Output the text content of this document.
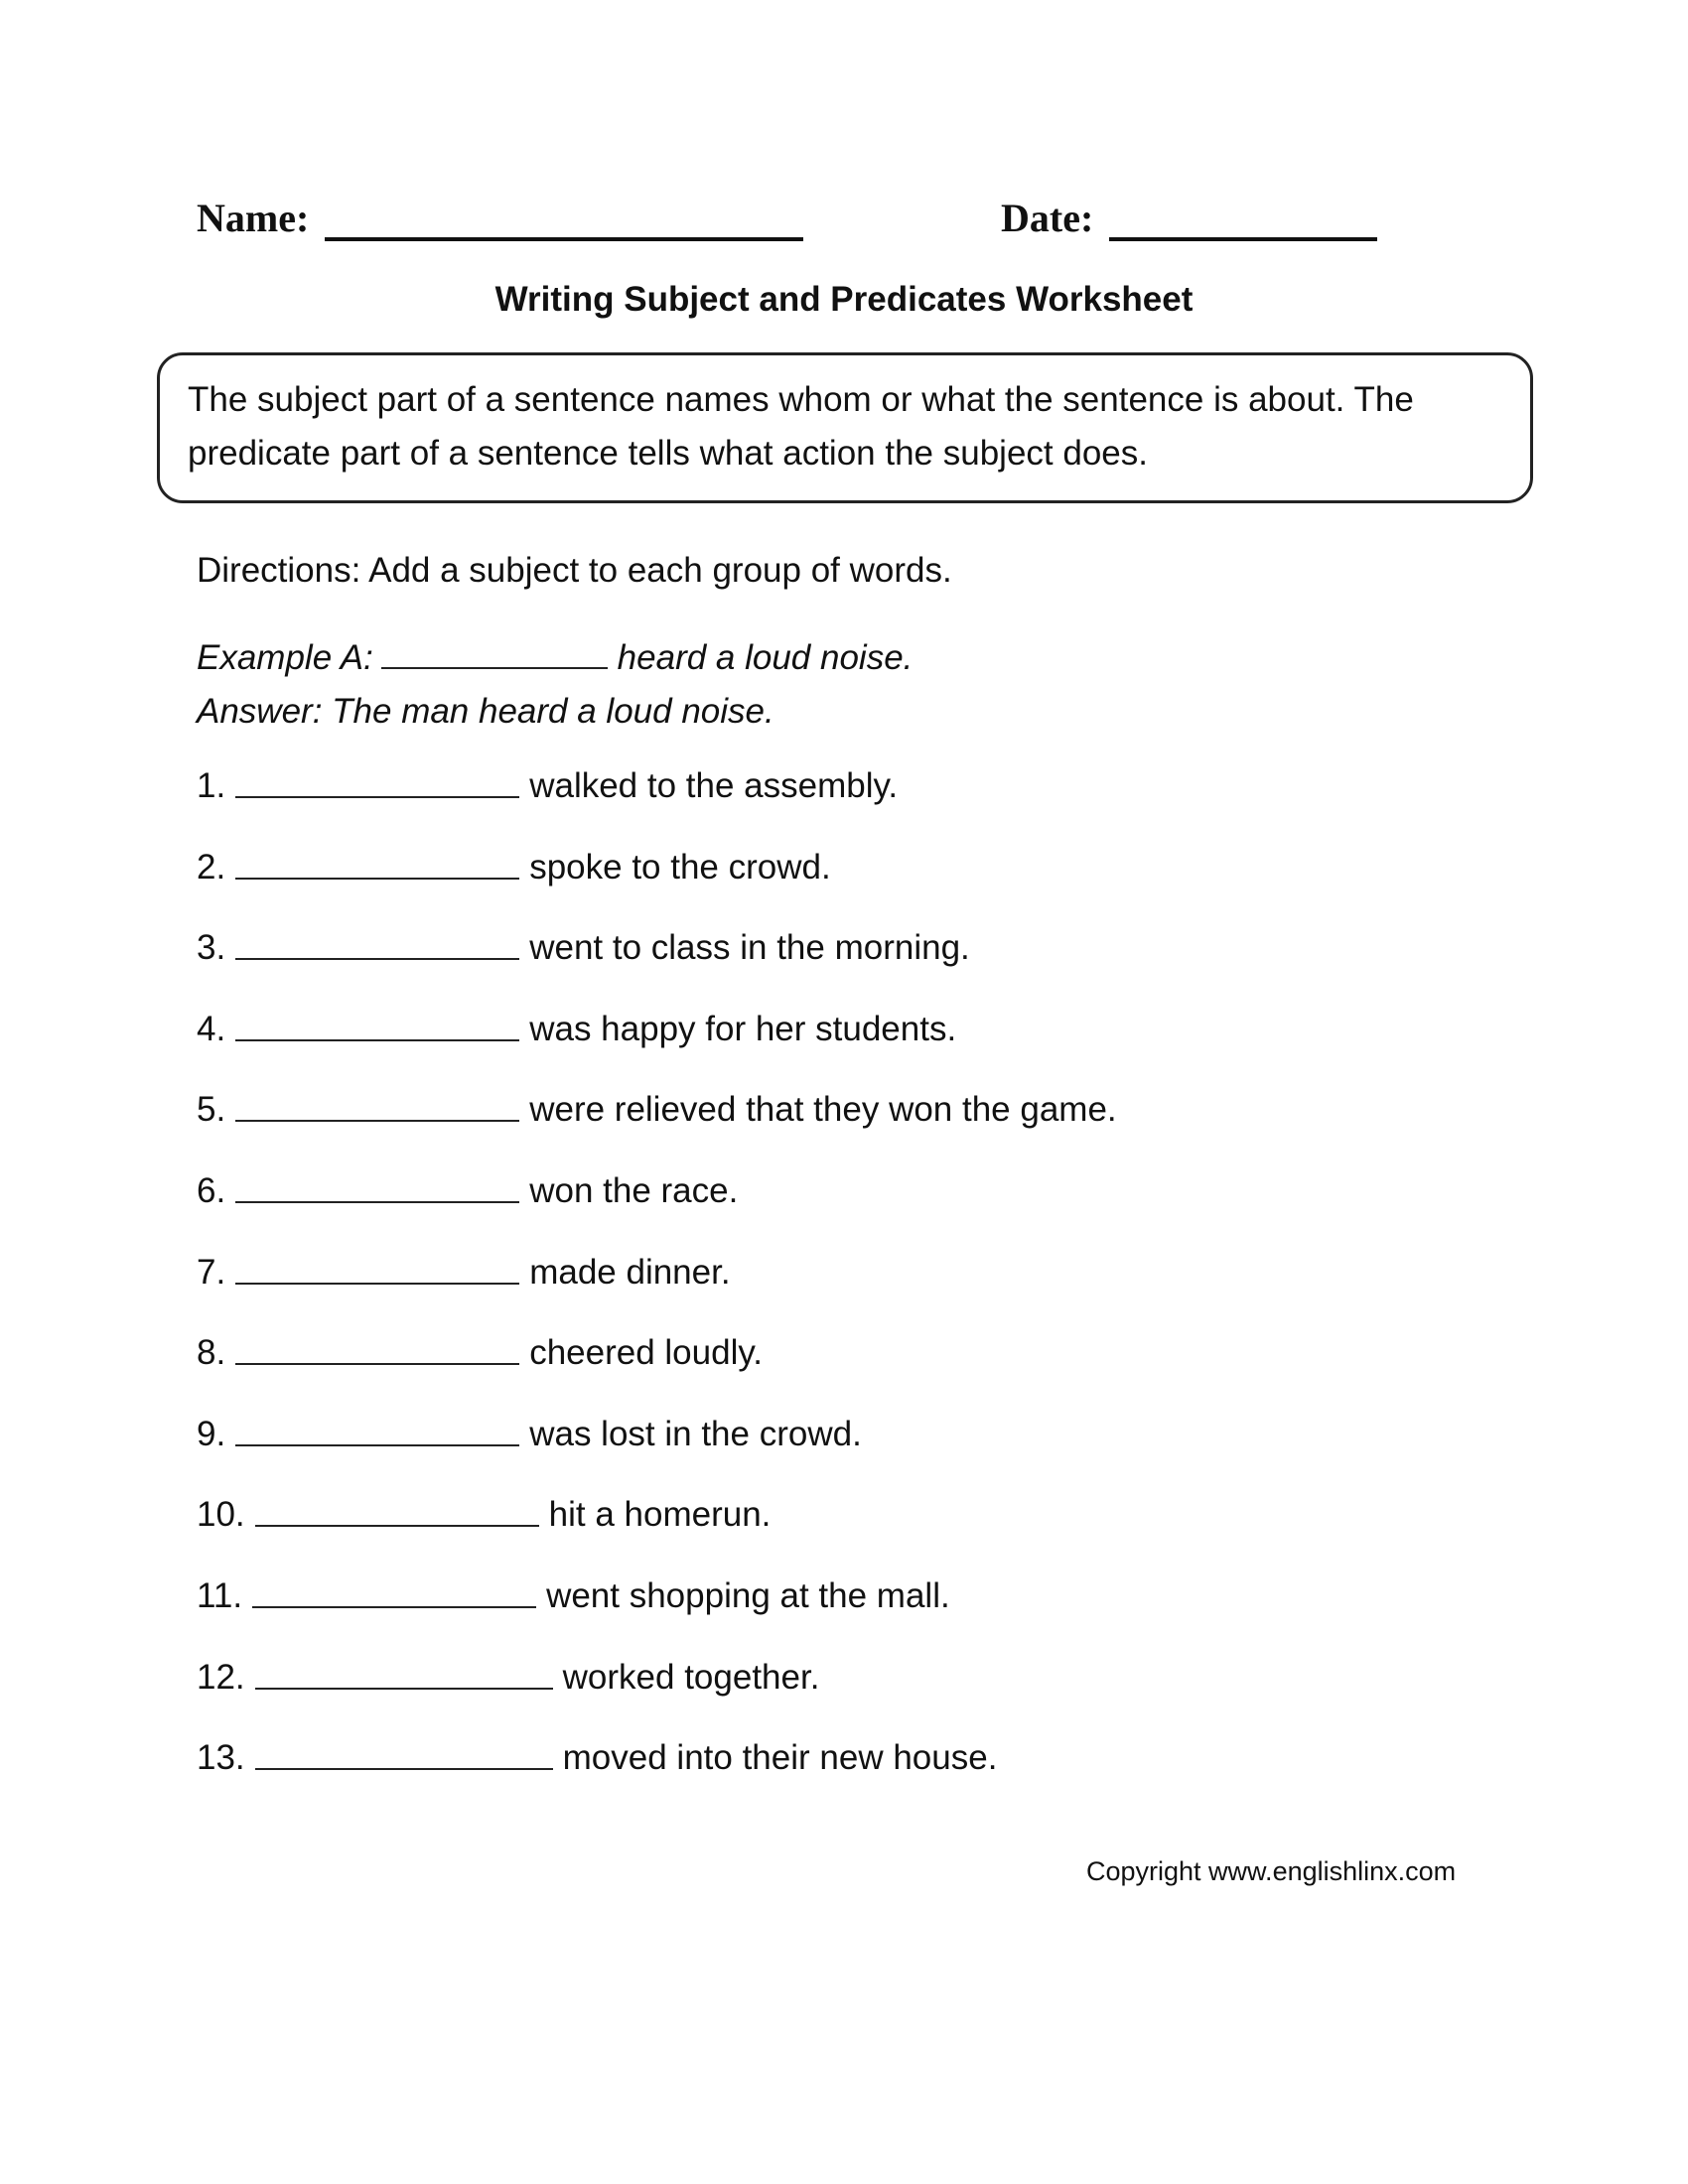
Name:	Date:
Writing Subject and Predicates Worksheet
The subject part of a sentence names whom or what the sentence is about. The predicate part of a sentence tells what action the subject does.
Directions: Add a subject to each group of words.
Example A:	heard a loud noise.
Answer: The man heard a loud noise.
1.	walked to the assembly.
2.	spoke to the crowd.
3.	went to class in the morning.
4.	was happy for her students.
5.	were relieved that they won the game.
6.	won the race.
7.	made dinner.
8.	cheered loudly.
9.	was lost in the crowd.
10.	hit a homerun.
11.	went shopping at the mall.
12.	worked together.
13.	moved into their new house.
Copyright www.englishlinx.com
